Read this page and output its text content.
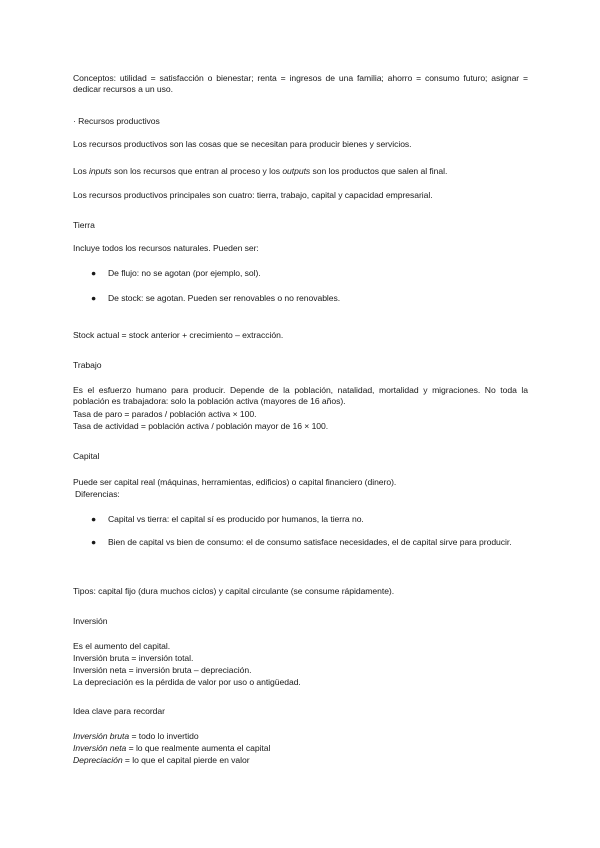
Conceptos: utilidad = satisfacción o bienestar; renta = ingresos de una familia; ahorro = consumo futuro; asignar = dedicar recursos a un uso.
· Recursos productivos
Los recursos productivos son las cosas que se necesitan para producir bienes y servicios.
Los inputs son los recursos que entran al proceso y los outputs son los productos que salen al final.
Los recursos productivos principales son cuatro: tierra, trabajo, capital y capacidad empresarial.
Tierra
Incluye todos los recursos naturales. Pueden ser:
● De flujo: no se agotan (por ejemplo, sol).
● De stock: se agotan. Pueden ser renovables o no renovables.
Stock actual = stock anterior + crecimiento – extracción.
Trabajo
Es el esfuerzo humano para producir. Depende de la población, natalidad, mortalidad y migraciones. No toda la población es trabajadora: solo la población activa (mayores de 16 años).
Tasa de paro = parados / población activa × 100.
Tasa de actividad = población activa / población mayor de 16 × 100.
Capital
Puede ser capital real (máquinas, herramientas, edificios) o capital financiero (dinero).
Diferencias:
● Capital vs tierra: el capital sí es producido por humanos, la tierra no.
● Bien de capital vs bien de consumo: el de consumo satisface necesidades, el de capital sirve para producir.
Tipos: capital fijo (dura muchos ciclos) y capital circulante (se consume rápidamente).
Inversión
Es el aumento del capital.
Inversión bruta = inversión total.
Inversión neta = inversión bruta – depreciación.
La depreciación es la pérdida de valor por uso o antigüedad.
Idea clave para recordar
Inversión bruta = todo lo invertido
Inversión neta = lo que realmente aumenta el capital
Depreciación = lo que el capital pierde en valor
